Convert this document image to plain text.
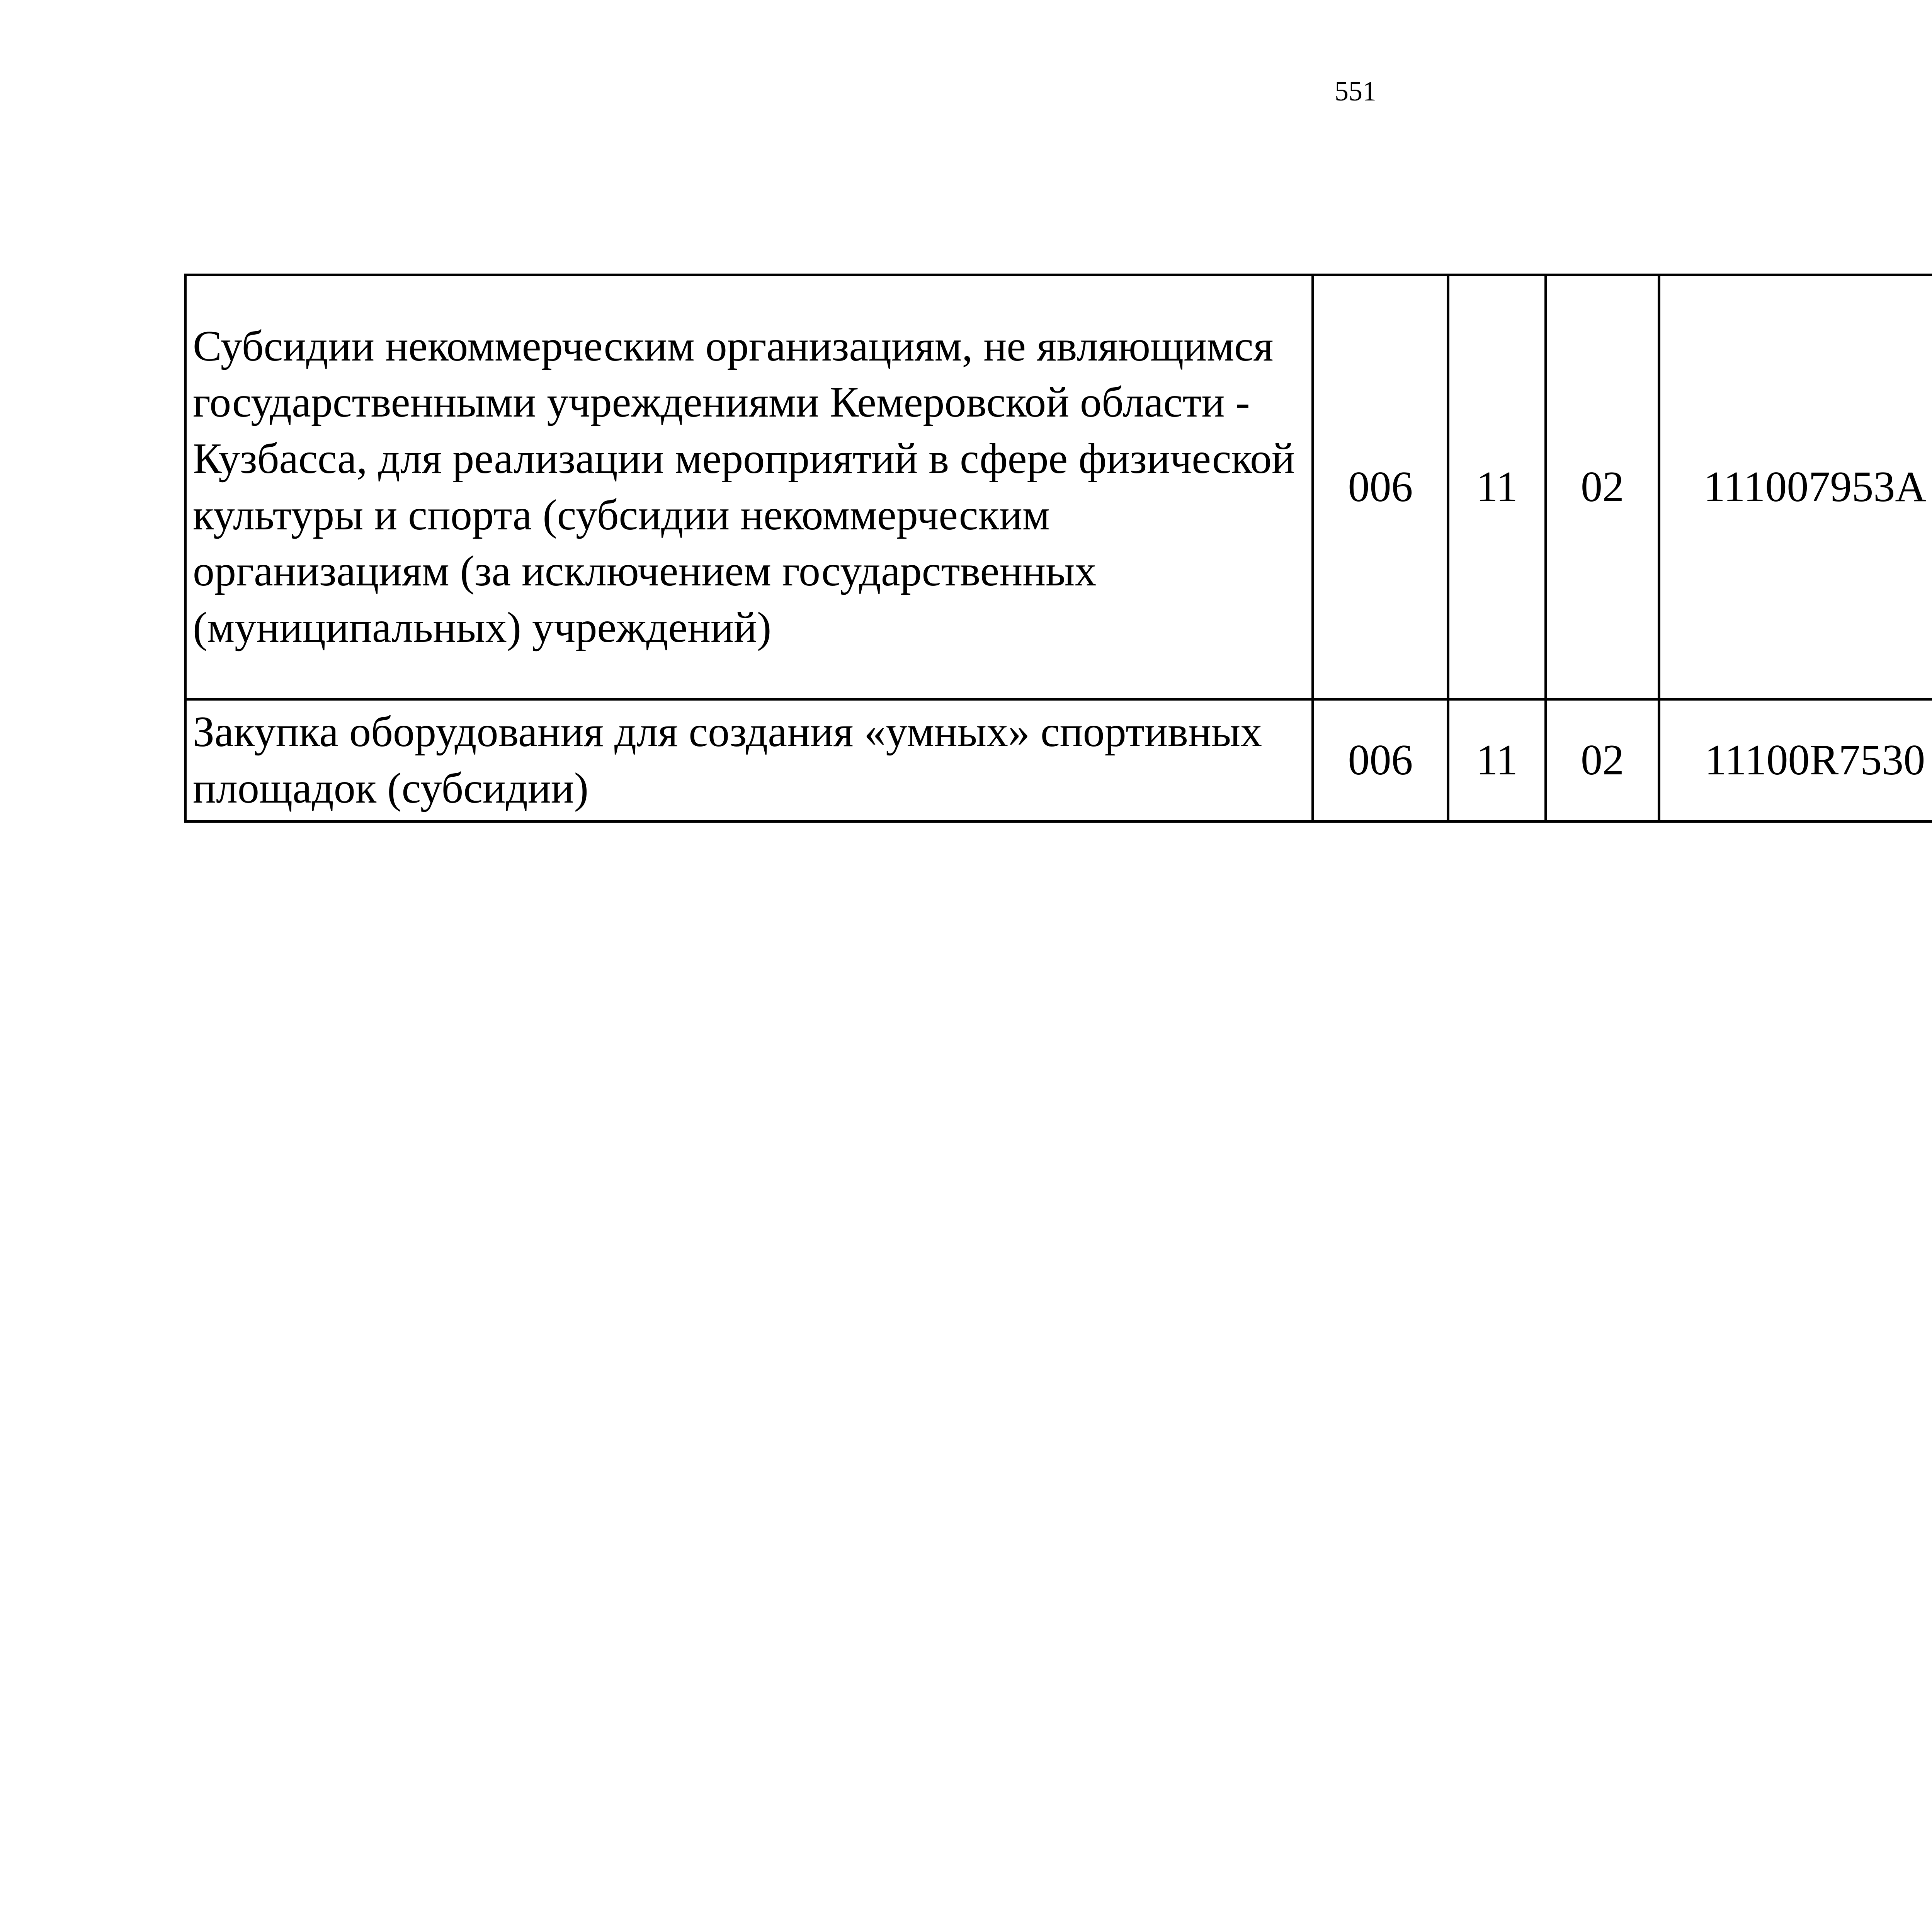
551
Субсидии некоммерческим организациям, не являющимся государственными учреждениями Кемеровской области - Кузбасса, для реализации мероприятий в сфере физической культуры и спорта (субсидии некоммерческим организациям (за исключением государственных (муниципальных) учреждений)	006	11	02	111007953А		
Закупка оборудования для создания «умных» спортивных площадок (субсидии)	006	11	02	11100R7530		
